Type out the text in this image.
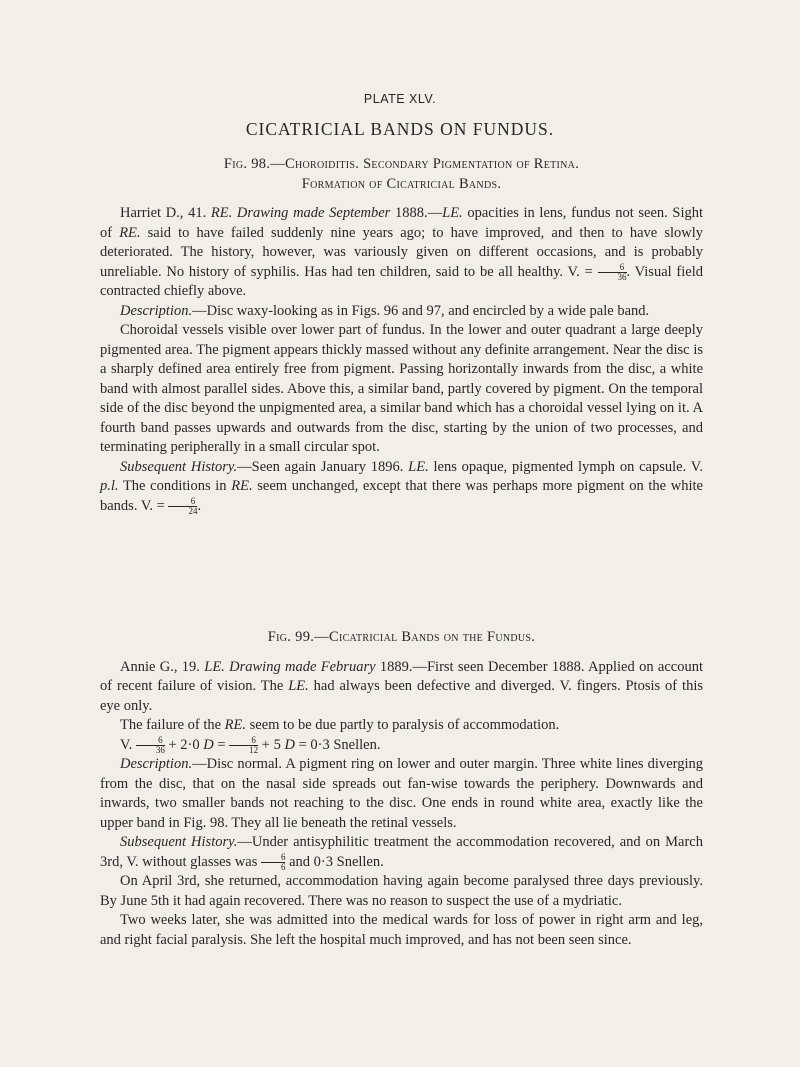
PLATE XLV.
CICATRICIAL BANDS ON FUNDUS.
Fig. 98.—Choroiditis. Secondary Pigmentation of Retina.
Formation of Cicatricial Bands.

Harriet D., 41. RE. Drawing made September 1888.—LE. opacities in lens, fundus not seen. Sight of RE. said to have failed suddenly nine years ago; to have improved, and then to have slowly deteriorated. The history, however, was variously given on different occasions, and is probably unreliable. No history of syphilis. Has had ten children, said to be all healthy. V. = $\frac{6}{36}$ . Visual field contracted chiefly above.

Description.—Disc waxy-looking as in Figs. 96 and 97, and encircled by a wide pale band.

Choroidal vessels visible over lower part of fundus. In the lower and outer quadrant a large deeply pigmented area. The pigment appears thickly massed without any definite arrangement. Near the disc is a sharply defined area entirely free from pigment. Passing horizontally inwards from the disc, a white band with almost parallel sides. Above this, a similar band, partly covered by pigment. On the temporal side of the disc beyond the unpigmented area, a similar band which has a choroidal vessel lying on it. A fourth band passes upwards and outwards from the disc, starting by the union of two processes, and terminating peripherally in a small circular spot.

Subsequent History.—Seen again January 1896. LE. lens opaque, pigmented lymph on capsule. V. p.l. The conditions in RE. seem unchanged, except that there was perhaps more pigment on the white bands. V. = $\frac{6}{24}$ .

Fig. 99.—Cicatricial Bands on the Fundus.

Annie G., 19. LE. Drawing made February 1889.—First seen December 1888. Applied on account of recent failure of vision. The LE. had always been defective and diverged. V. fingers. Ptosis of this eye only.

The failure of the RE. seem to be due partly to paralysis of accommodation.

V. $\frac{6}{36} + 2\cdot 0$ $D = \frac{6}{12} + 5$ D = 0·3 Snellen.

Description.—Disc normal. A pigment ring on lower and outer margin. Three white lines diverging from the disc, that on the nasal side spreads out fan-wise towards the periphery. Downwards and inwards, two smaller bands not reaching to the disc. One ends in round white area, exactly like the upper band in Fig. 98. They all lie beneath the retinal vessels.

Subsequent History.—Under antisyphilitic treatment the accommodation recovered, and on March 3rd, V. without glasses was $\frac{6}{6}$ and 0·3 Snellen.

On April 3rd, she returned, accommodation having again become paralysed three days previously. By June 5th it had again recovered. There was no reason to suspect the use of a mydriatic.

Two weeks later, she was admitted into the medical wards for loss of power in right arm and leg, and right facial paralysis. She left the hospital much improved, and has not been seen since.
